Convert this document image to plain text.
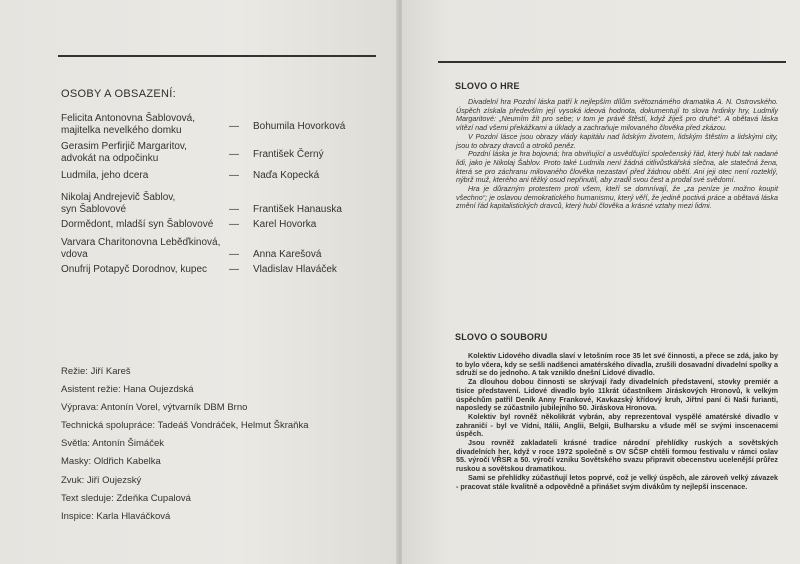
OSOBY A OBSAZENÍ:
Felicita Antonovna Šablovová,
majitelka nevelkého domku	— Bohumila Hovorková
Gerasim Perfirjič Margaritov,
advokát na odpočinku	— František Černý
Ludmila, jeho dcera	— Naďa Kopecká
Nikolaj Andrejevič Šablov,
syn Šablovové	— František Hanauska
Dormědont, mladší syn Šablovové	— Karel Hovorka
Varvara Charitonovna Leběďkinová,
vdova	— Anna Karešová
Onufrij Potapyč Dorodnov, kupec	— Vladislav Hlaváček
Režie: Jiří Kareš
Asistent režie: Hana Oujezdská
Výprava: Antonín Vorel, výtvarník DBM Brno
Technická spolupráce: Tadeáš Vondráček, Helmut Škraňka
Světla: Antonín Šimáček
Masky: Oldřich Kabelka
Zvuk: Jiří Oujezský
Text sleduje: Zdeňka Cupalová
Inspice: Karla Hlaváčková
SLOVO O HRE

Divadelní hra Pozdní láska patří k nejlepším dílům světoznámého dramatika A. N. Ostrovského. Úspěch získala především její vysoká ideová hodnota, dokumentují to slova hrdinky hry, Ludmily Margaritové: „Neumím žít pro sebe; v tom je právě štěstí, když žiješ pro druhé“. A obětavá láska vítězí nad všemi překážkami a úklady a zachraňuje milovaného člověka před zkázou.

V Pozdní lásce jsou obrazy vlády kapitálu nad lidským životem, lidským štěstím a lidskými city, jsou to obrazy dravců a otroků peněz.

Pozdní láska je hra bojovná; hra obviňující a usvědčující společenský řád, který hubí tak nadané lidi, jako je Nikolaj Šablov. Proto také Ludmila není žádná citlivůstkářská slečna, ale statečná žena, která se pro záchranu milovaného člověka nezastaví před žádnou obětí. Ani jeji otec není rozteklý, nýbrž muž, kterého ani těžký osud nepřinutil, aby zradil svou čest a prodal své svědomí.

Hra je důrazným protestem proti všem, kteří se domnívají, že „za peníze je možno koupit všechno“; je oslavou demokratického humanismu, který věří, že jedině poctivá práce a obětavá láska změní řád kapitalistických dravců, který hubí člověka a krásné vztahy mezi lidmi.

SLOVO O SOUBORU

Kolektiv Lidového divadla slaví v letošním roce 35 let své činnosti, a přece se zdá, jako by to bylo včera, kdy se sešli nadšenci amatérského divadla, zrušili dosavadní divadelní spolky a sdruží se do jednoho. A tak vzniklo dnešní Lidové divadlo.

Za dlouhou dobou činnosti se skrývají řady divadelních představení, stovky premiér a tisíce představení. Lidové divadlo bylo 11krát účastníkem Jiráskových Hronovů, k velkým úspěchům patřil Deník Anny Frankové, Kavkazský křídový kruh, Jiřtní paní či Naši furianti, naposledy se zúčastnilo jubilejního 50. Jiráskova Hronova.

Kolektiv byl rovněž několikrát vybrán, aby reprezentoval vyspělé amatérské divadlo v zahraničí - byl ve Vídni, Itálii, Anglii, Belgii, Bulharsku a všude měl se svými inscenacemi úspěch.

Jsou rovněž zakladateli krásné tradice národní přehlídky ruských a sovětských divadelních her, když v roce 1972 společně s OV SČSP chtěli formou festivalu v rámci oslav 55. výročí VŘSR a 50. výročí vzniku Sovětského svazu připravit obecenstvu ucelenější průřez ruskou a sovětskou dramatikou.

Sami se přehlídky zúčastňují letos poprvé, což je velký úspěch, ale zároveň velký závazek - pracovat stále kvalitně a odpovědně a přinášet svým divákům ty nejlepší inscenace.
